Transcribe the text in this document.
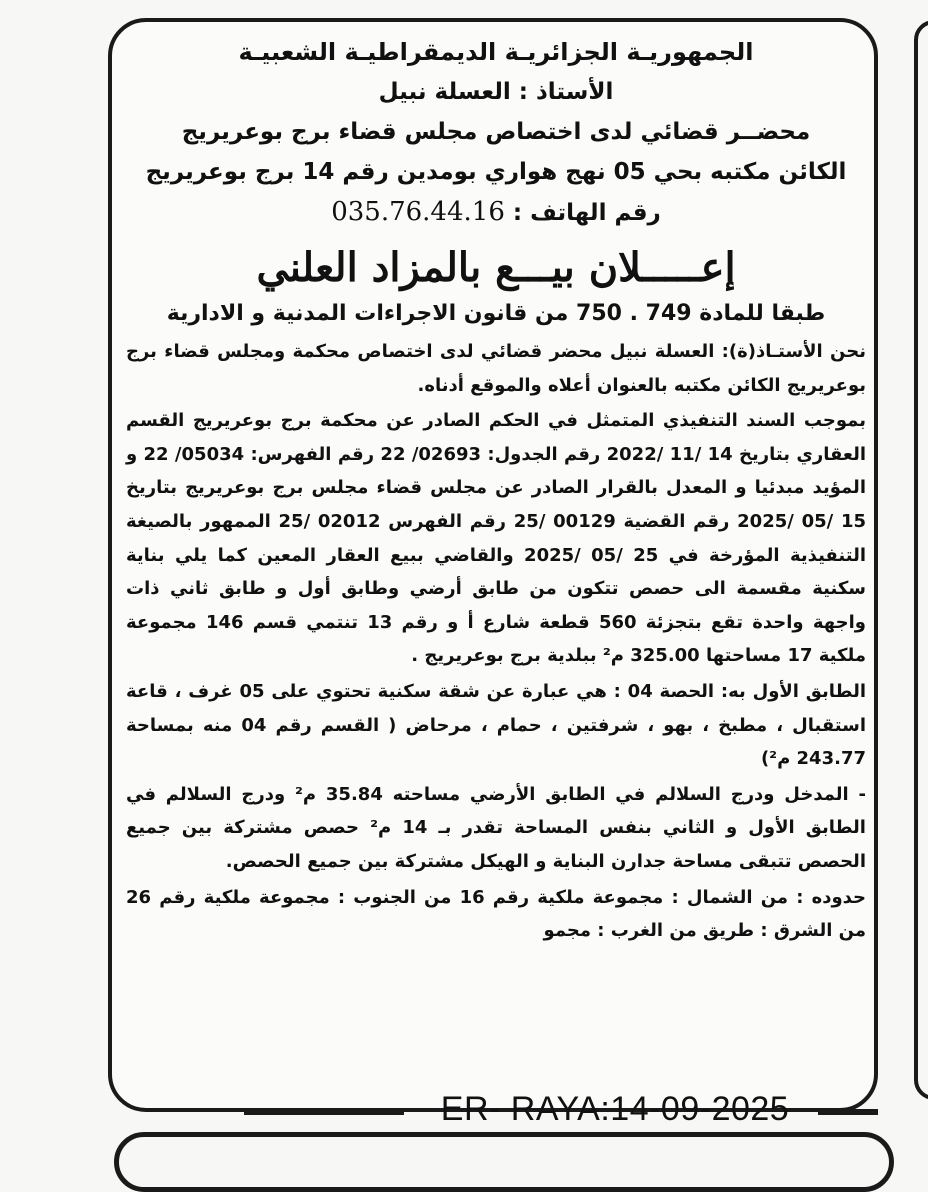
الجمهوريـة الجزائريـة الديمقراطيـة الشعبيـة

الأستاذ : العسلة نبيل

محضــر قضائي لدى اختصاص مجلس قضاء برج بوعريريج

الكائن مكتبه بحي 05 نهج هواري بومدين رقم 14 برج بوعريريج

رقم الهاتف : 035.76.44.16
إعـــــلان بيـــع بالمزاد العلني
طبقا للمادة 749 . 750 من قانون الاجراءات المدنية و الادارية

نحن الأستـاذ(ة): العسلة نبيل محضر قضائي لدى اختصاص محكمة ومجلس قضاء برج بوعريريج الكائن مكتبه بالعنوان أعلاه والموقع أدناه.

بموجب السند التنفيذي المتمثل في الحكم الصادر عن محكمة برج بوعريريج القسم العقاري بتاريخ 14 /11 /2022 رقم الجدول: 02693/ 22 رقم الفهرس: 05034/ 22 و المؤيد مبدئيا و المعدل بالقرار الصادر عن مجلس قضاء مجلس برج بوعريريج بتاريخ 15 /05 /2025 رقم القضية 00129 /25 رقم الفهرس 02012 /25 الممهور بالصيغة التنفيذية المؤرخة في 25 /05 /2025 والقاضي ببيع العقار المعين كما يلي بناية سكنية مقسمة الى حصص تتكون من طابق أرضي وطابق أول و طابق ثاني ذات واجهة واحدة تقع بتجزئة 560 قطعة شارع أ و رقم 13 تنتمي قسم 146 مجموعة ملكية 17 مساحتها 325.00 م² ببلدية برج بوعريريج .

الطابق الأول به: الحصة 04 : هي عبارة عن شقة سكنية تحتوي على 05 غرف ، قاعة استقبال ، مطبخ ، بهو ، شرفتين ، حمام ، مرحاض ( القسم رقم 04 منه بمساحة 243.77 م²)

- المدخل ودرج السلالم في الطابق الأرضي مساحته 35.84 م² ودرج السلالم في الطابق الأول و الثاني بنفس المساحة تقدر بـ 14 م² حصص مشتركة بين جميع الحصص تتبقى مساحة جدارن البناية و الهيكل مشتركة بين جميع الحصص.

حدوده : من الشمال : مجموعة ملكية رقم 16 من الجنوب : مجموعة ملكية رقم 26 من الشرق : طريق من الغرب : مجمو

ER- RAYA:14-09-2025
